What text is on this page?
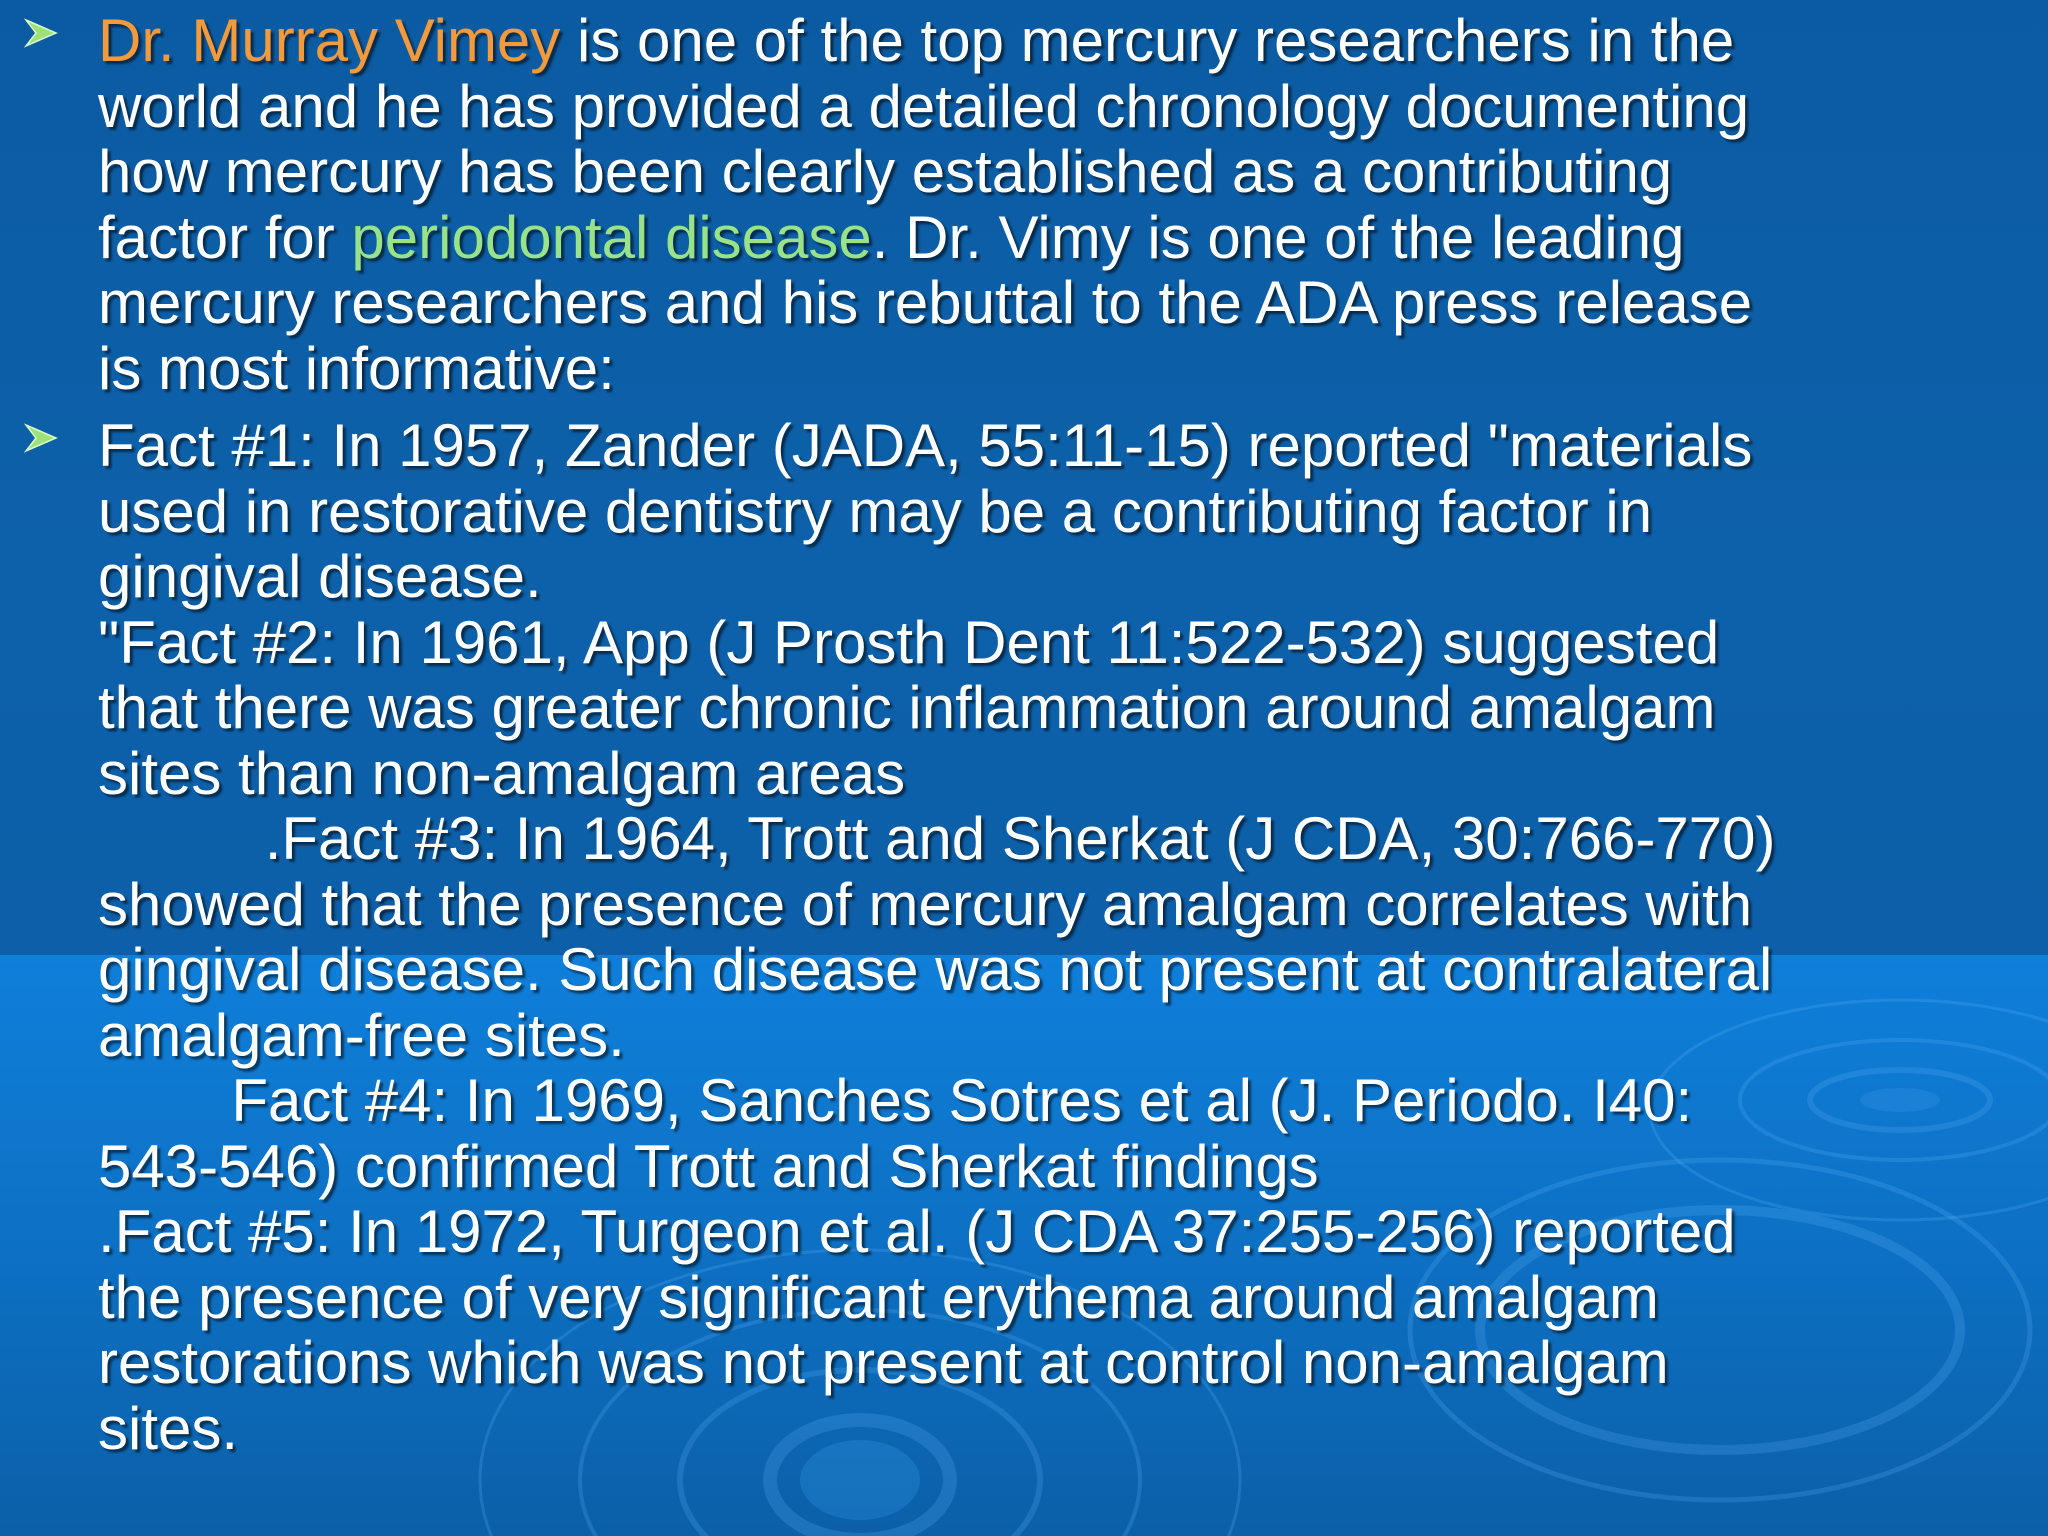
Dr. Murray Vimey is one of the top mercury researchers in the
world and he has provided a detailed chronology documenting
how mercury has been clearly established as a contributing
factor for periodontal disease. Dr. Vimy is one of the leading
mercury researchers and his rebuttal to the ADA press release
is most informative:
Fact #1: In 1957, Zander (JADA, 55:11-15) reported "materials
used in restorative dentistry may be a contributing factor in
gingival disease.
"Fact #2: In 1961, App (J Prosth Dent 11:522-532) suggested
that there was greater chronic inflammation around amalgam
sites than non-amalgam areas
.Fact #3: In 1964, Trott and Sherkat (J CDA, 30:766-770)
showed that the presence of mercury amalgam correlates with
gingival disease. Such disease was not present at contralateral
amalgam-free sites.
Fact #4: In 1969, Sanches Sotres et al (J. Periodo. I40:
543-546) confirmed Trott and Sherkat findings
.Fact #5: In 1972, Turgeon et al. (J CDA 37:255-256) reported
the presence of very significant erythema around amalgam
restorations which was not present at control non-amalgam
sites.
